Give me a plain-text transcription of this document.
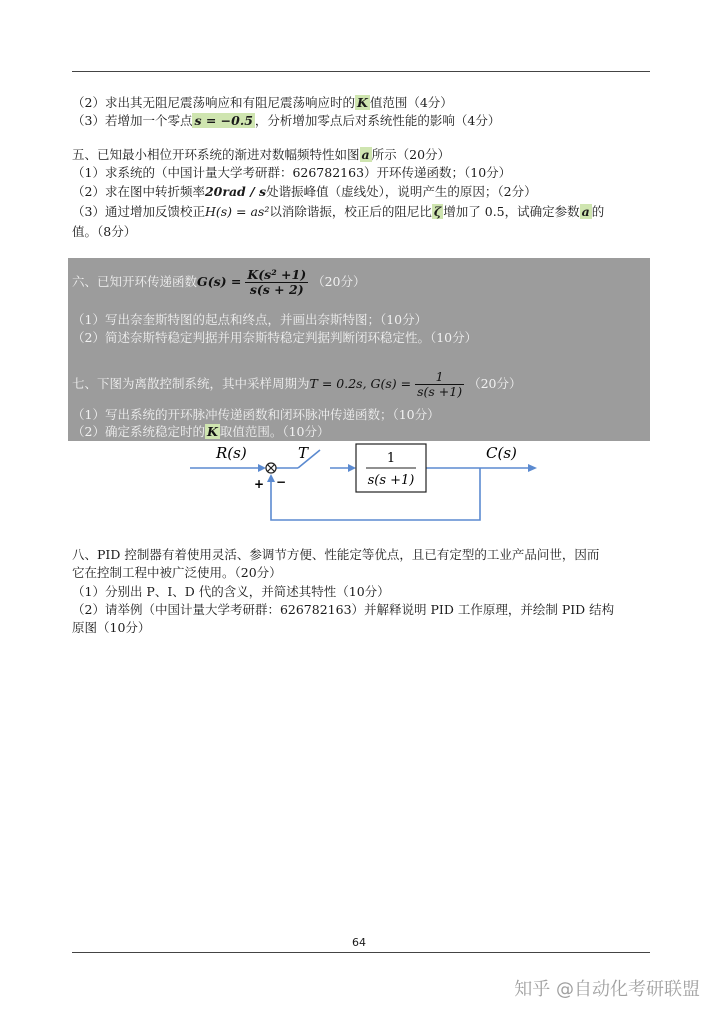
（2）求出其无阻尼震荡响应和有阻尼震荡响应时的 K 值范围（4分）
（3）若增加一个零点 s = −0.5 ，分析增加零点后对系统性能的影响（4分）
五、已知最小相位开环系统的渐进对数幅频特性如图 a 所示（20分）
（1）求系统的（中国计量大学考研群：626782163）开环传递函数；（10分）
（2）求在图中转折频率20rad / s处谐振峰值（虚线处），说明产生的原因；（2分）
（3）通过增加反馈校正H(s) = as²以消除谐振，校正后的阻尼比 ζ 增加了 0.5，试确定参数 a 的
值。（8分）
六、已知开环传递函数$G(s) = \frac{\text{K(s² +1)}}{s(s + 2)} (20$分）
（1）写出奈奎斯特图的起点和终点，并画出奈斯特图；（10分）
（2）简述奈斯特稳定判据并用奈斯特稳定判据判断闭环稳定性。（10分）
七、下图为离散控制系统，其中采样周期为T = 0.2s, $G(s) = \frac{1}{s(s +1)} (20$分）
（1）写出系统的开环脉冲传递函数和闭环脉冲传递函数；（10分）
（2）确定系统稳定时的 K 取值范围。（10分）
1
s(s +1)
R(s)	T
+ −
C(s)
八、PID 控制器有着使用灵活、参调节方便、性能定等优点，且已有定型的工业产品问世，因而
它在控制工程中被广泛使用。（20分）
（1）分别出 P、I、D 代的含义，并简述其特性（10分）
（2）请举例（中国计量大学考研群：626782163）并解释说明 PID 工作原理，并绘制 PID 结构
原图（10分）
64
知乎 @自动化考研联盟
